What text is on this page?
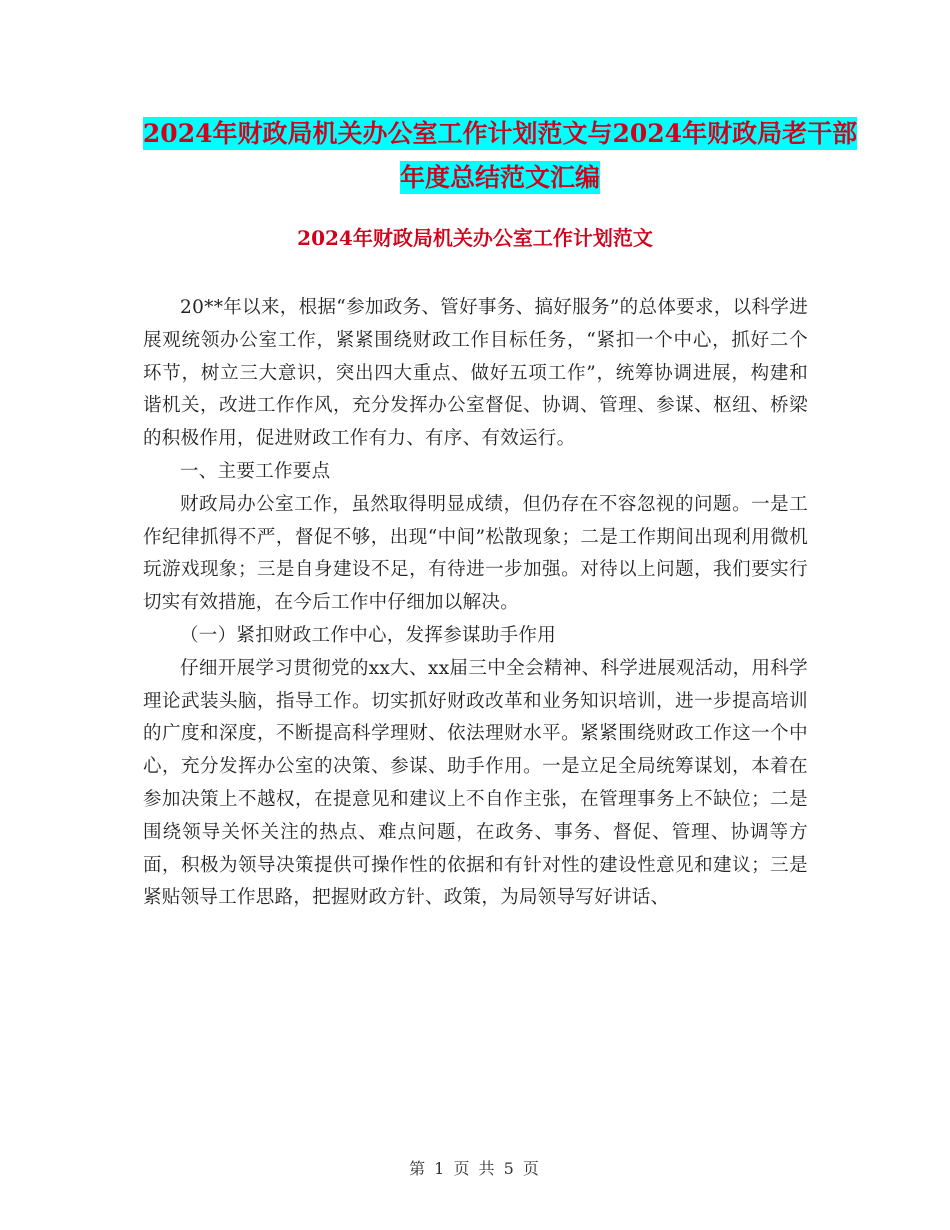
2024年财政局机关办公室工作计划范文与2024年财政局老干部年度总结范文汇编
2024年财政局机关办公室工作计划范文

20**年以来，根据“参加政务、管好事务、搞好服务”的总体要求，以科学进展观统领办公室工作，紧紧围绕财政工作目标任务，“紧扣一个中心，抓好二个环节，树立三大意识，突出四大重点、做好五项工作”，统筹协调进展，构建和谐机关，改进工作作风，充分发挥办公室督促、协调、管理、参谋、枢纽、桥梁的积极作用，促进财政工作有力、有序、有效运行。

一、主要工作要点

财政局办公室工作，虽然取得明显成绩，但仍存在不容忽视的问题。一是工作纪律抓得不严，督促不够，出现“中间”松散现象；二是工作期间出现利用微机玩游戏现象；三是自身建设不足，有待进一步加强。对待以上问题，我们要实行切实有效措施，在今后工作中仔细加以解决。

（一）紧扣财政工作中心，发挥参谋助手作用

仔细开展学习贯彻党的xx大、xx届三中全会精神、科学进展观活动，用科学理论武装头脑，指导工作。切实抓好财政改革和业务知识培训，进一步提高培训的广度和深度，不断提高科学理财、依法理财水平。紧紧围绕财政工作这一个中心，充分发挥办公室的决策、参谋、助手作用。一是立足全局统筹谋划，本着在参加决策上不越权，在提意见和建议上不自作主张，在管理事务上不缺位；二是围绕领导关怀关注的热点、难点问题，在政务、事务、督促、管理、协调等方面，积极为领导决策提供可操作性的依据和有针对性的建设性意见和建议；三是紧贴领导工作思路，把握财政方针、政策，为局领导写好讲话、

第 1 页 共 5 页
